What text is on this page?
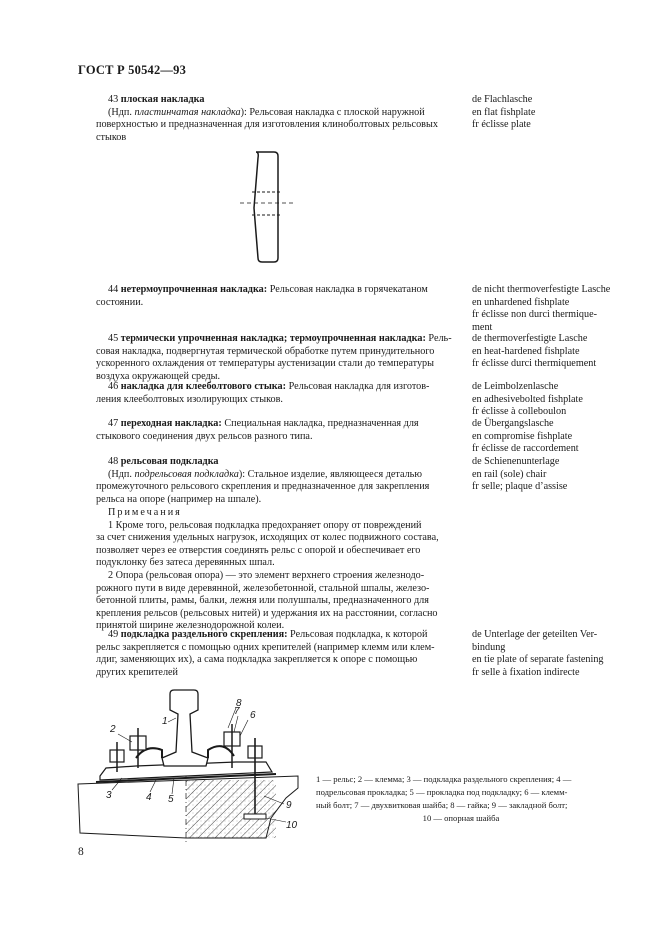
ГОСТ Р 50542—93

43 плоская накладка

(Ндп. пластинчатая накладка): Рельсовая накладка с плоской наружной

поверхностью и предназначенная для изготовления клиноболтовых рельсовых

стыков

de Flachlasche
en flat fishplate
fr éclisse plate

44 нетермоупрочненная накладка: Рельсовая накладка в горячекатаном

состоянии.

de nicht thermoverfestigte Lasche
en unhardened fishplate
fr éclisse non durci thermique-
ment

45 термически упрочненная накладка; термоупрочненная накладка: Рель-

совая накладка, подвергнутая термической обработке путем принудительного

ускоренного охлаждения от температуры аустенизации стали до температуры

воздуха окружающей среды.

de thermoverfestigte Lasche
en heat-hardened fishplate
fr éclisse durci thermiquement

46 накладка для клееболтового стыка: Рельсовая накладка для изготов-

ления клееболтовых изолирующих стыков.

de Leimbolzenlasche
en adhesivebolted fishplate
fr éclisse à colleboulon

47 переходная накладка: Специальная накладка, предназначенная для

стыкового соединения двух рельсов разного типа.

de Übergangslasche
en compromise fishplate
fr éclisse de raccordement

48 рельсовая подкладка

(Ндп. подрельсовая подкладка): Стальное изделие, являющееся деталью

промежуточного рельсового скрепления и предназначенное для закрепления

рельса на опоре (например на шпале).

de Schienenunterlage
en rail (sole) chair
fr selle; plaque d’assise

Примечания

1 Кроме того, рельсовая подкладка предохраняет опору от повреждений

за счет снижения удельных нагрузок, исходящих от колес подвижного состава,

позволяет через ее отверстия соединять рельс с опорой и обеспечивает его

подуклонку без затеса деревянных шпал.

2 Опора (рельсовая опора) — это элемент верхнего строения железнодо-

рожного пути в виде деревянной, железобетонной, стальной шпалы, железо-

бетонной плиты, рамы, балки, лежня или полушпалы, предназначенного для

крепления рельсов (рельсовых нитей) и удержания их на расстоянии, согласно

принятой ширине железнодорожной колеи.

49 подкладка раздельного скрепления: Рельсовая подкладка, к которой

рельс закрепляется с помощью одних крепителей (например клемм или клем-

лдиг, заменяющих их), а сама подкладка закрепляется к опоре с помощью

других крепителей

de Unterlage der geteilten Ver-
bindung
en tie plate of separate fastening
fr selle à fixation indirecte
1
2
3	4 5
6
7
8
9
10

1 — рельс; 2 — клемма; 3 — подкладка раздельного скрепления; 4 —

подрельсовая прокладка; 5 — прокладка под подкладку; 6 — клемм-

ный болт; 7 — двухвитковая шайба; 8 — гайка; 9 — закладной болт;

10 — опорная шайба

8
